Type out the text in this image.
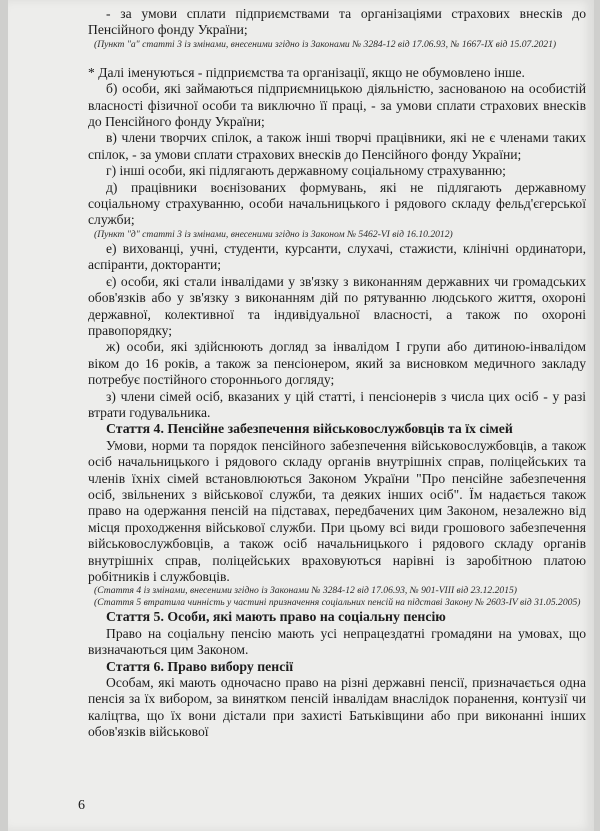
- за умови сплати підприємствами та організаціями страхових внесків до Пенсійного фонду України;

(Пункт "а" статті 3 із змінами, внесеними згідно із Законами № 3284-12 від 17.06.93, № 1667-IX від 15.07.2021)

* Далі іменуються - підприємства та організації, якщо не обумовлено інше.

б) особи, які займаються підприємницькою діяльністю, заснованою на особистій власності фізичної особи та виключно її праці, - за умови сплати страхових внесків до Пенсійного фонду України;

в) члени творчих спілок, а також інші творчі працівники, які не є членами таких спілок, - за умови сплати страхових внесків до Пенсійного фонду України;

г) інші особи, які підлягають державному соціальному страхуванню;

д) працівники воєнізованих формувань, які не підлягають державному соціальному страхуванню, особи начальницького і рядового складу фельд'єгерської служби;

(Пункт "д" статті 3 із змінами, внесеними згідно із Законом № 5462-VI від 16.10.2012)

е) вихованці, учні, студенти, курсанти, слухачі, стажисти, клінічні ординатори, аспіранти, докторанти;

є) особи, які стали інвалідами у зв'язку з виконанням державних чи громадських обов'язків або у зв'язку з виконанням дій по рятуванню людського життя, охороні державної, колективної та індивідуальної власності, а також по охороні правопорядку;

ж) особи, які здійснюють догляд за інвалідом I групи або дитиною-інвалідом віком до 16 років, а також за пенсіонером, який за висновком медичного закладу потребує постійного стороннього догляду;

з) члени сімей осіб, вказаних у цій статті, і пенсіонерів з числа цих осіб - у разі втрати годувальника.

Стаття 4. Пенсійне забезпечення військовослужбовців та їх сімей

Умови, норми та порядок пенсійного забезпечення військовослужбовців, а також осіб начальницького і рядового складу органів внутрішніх справ, поліцейських та членів їхніх сімей встановлюються Законом України "Про пенсійне забезпечення осіб, звільнених з військової служби, та деяких інших осіб". Їм надається також право на одержання пенсій на підставах, передбачених цим Законом, незалежно від місця проходження військової служби. При цьому всі види грошового забезпечення військовослужбовців, а також осіб начальницького і рядового складу органів внутрішніх справ, поліцейських враховуються нарівні із заробітною платою робітників і службовців.

(Стаття 4 із змінами, внесеними згідно із Законами № 3284-12 від 17.06.93, № 901-VIII від 23.12.2015)

(Стаття 5 втратила чинність у частині призначення соціальних пенсій на підставі Закону № 2603-IV від 31.05.2005)

Стаття 5. Особи, які мають право на соціальну пенсію

Право на соціальну пенсію мають усі непрацездатні громадяни на умовах, що визначаються цим Законом.

Стаття 6. Право вибору пенсії

Особам, які мають одночасно право на різні державні пенсії, призначається одна пенсія за їх вибором, за винятком пенсій інвалідам внаслідок поранення, контузії чи каліцтва, що їх вони дістали при захисті Батьківщини або при виконанні інших обов'язків військової

6
